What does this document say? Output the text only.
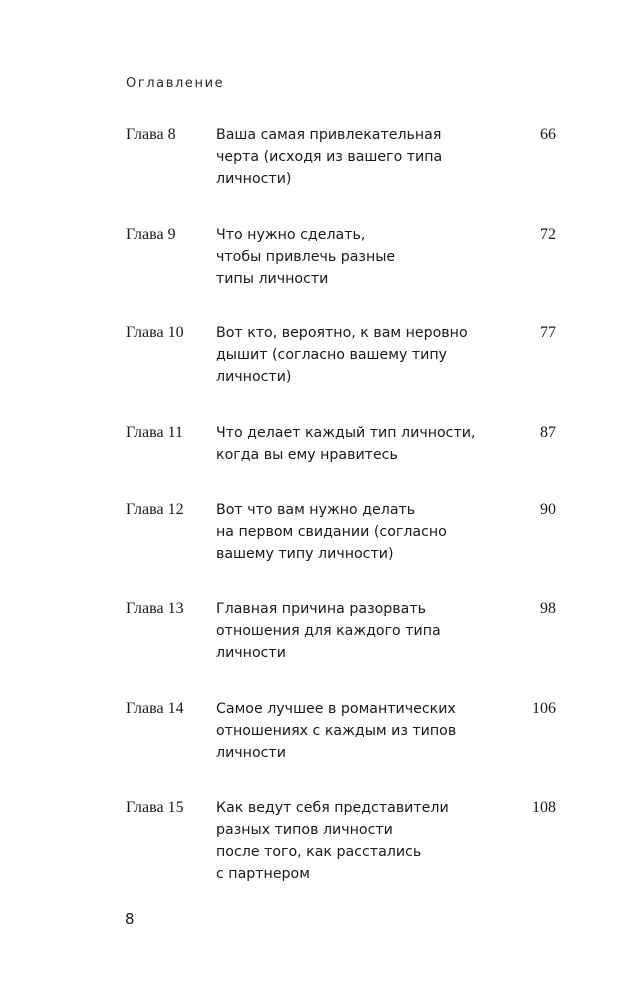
Оглавление
Глава 8	Ваша самая привлекательная
черта (исходя из вашего типа
личности)
66
Глава 9	Что нужно сделать,
чтобы привлечь разные
типы личности
72
Глава 10 Вот кто, вероятно, к вам неровно
дышит (согласно вашему типу
личности)
77
Глава 11 Что делает каждый тип личности,
когда вы ему нравитесь
87
Глава 12 Вот что вам нужно делать
на первом свидании (согласно
вашему типу личности)
90
Глава 13 Главная причина разорвать
отношения для каждого типа
личности
98
Глава 14 Самое лучшее в романтических
отношениях с каждым из типов
личности
106
Глава 15 Как ведут себя представители
разных типов личности
после того, как расстались
с партнером
108
8
